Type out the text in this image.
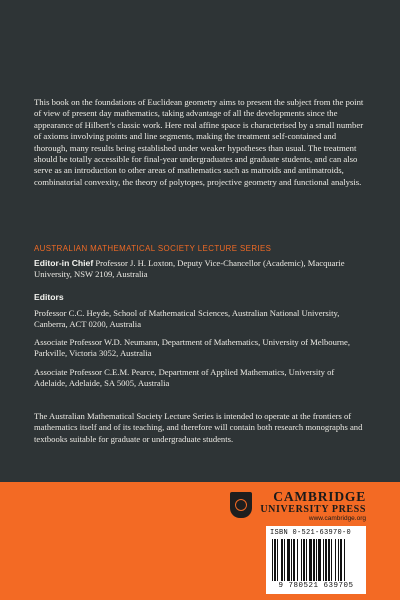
This book on the foundations of Euclidean geometry aims to present the subject from the point of view of present day mathematics, taking advantage of all the developments since the appearance of Hilbert’s classic work. Here real affine space is characterised by a small number of axioms involving points and line segments, making the treatment self-contained and thorough, many results being established under weaker hypotheses than usual. The treatment should be totally accessible for final-year undergraduates and graduate students, and can also serve as an introduction to other areas of mathematics such as matroids and antimatroids, combinatorial convexity, the theory of polytopes, projective geometry and functional analysis.
AUSTRALIAN MATHEMATICAL SOCIETY LECTURE SERIES
Editor-in Chief Professor J. H. Loxton, Deputy Vice-Chancellor (Academic), Macquarie University, NSW 2109, Australia
Editors
Professor C.C. Heyde, School of Mathematical Sciences, Australian National University, Canberra, ACT 0200, Australia
Associate Professor W.D. Neumann, Department of Mathematics, University of Melbourne, Parkville, Victoria 3052, Australia
Associate Professor C.E.M. Pearce, Department of Applied Mathematics, University of Adelaide, Adelaide, SA 5005, Australia
The Australian Mathematical Society Lecture Series is intended to operate at the frontiers of mathematics itself and of its teaching, and therefore will contain both research monographs and textbooks suitable for graduate or undergraduate students.
CAMBRIDGE
UNIVERSITY PRESS
www.cambridge.org
ISBN 0-521-63970-0
9 780521 639705
